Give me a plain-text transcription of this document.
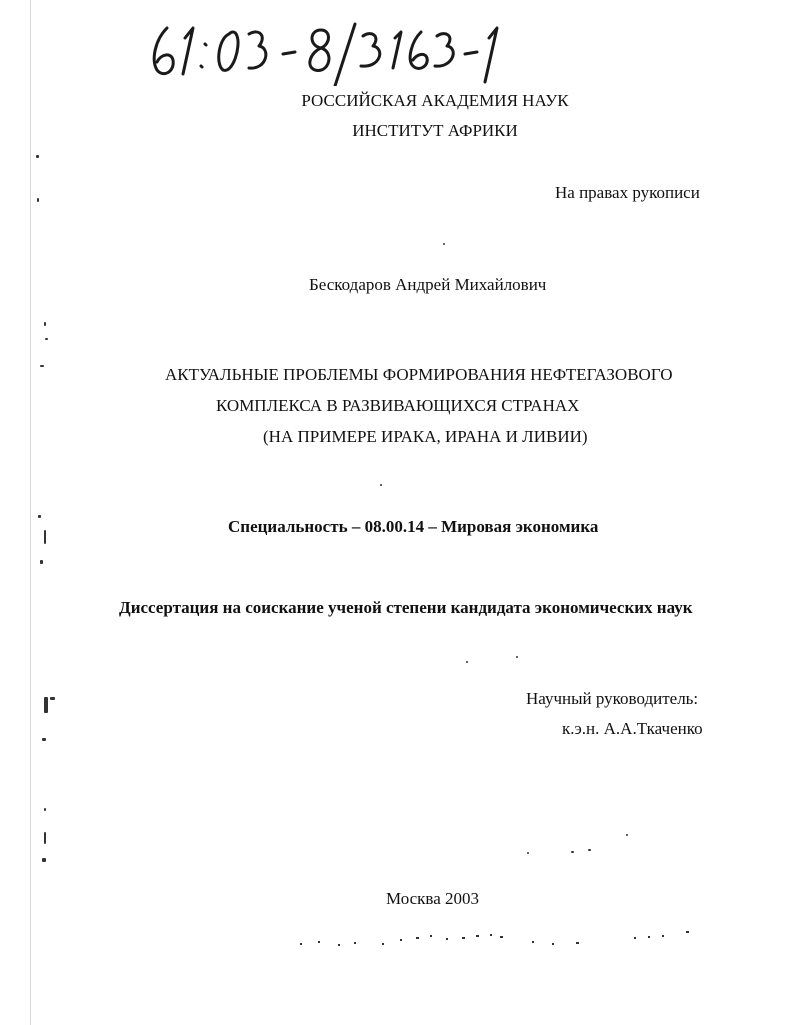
РОССИЙСКАЯ АКАДЕМИЯ НАУК
ИНСТИТУТ АФРИКИ
На правах рукописи
Бескодаров Андрей Михайлович
АКТУАЛЬНЫЕ ПРОБЛЕМЫ ФОРМИРОВАНИЯ НЕФТЕГАЗОВОГО
КОМПЛЕКСА В РАЗВИВАЮЩИХСЯ СТРАНАХ
(НА ПРИМЕРЕ ИРАКА, ИРАНА И ЛИВИИ)
Специальность – 08.00.14 – Мировая экономика
Диссертация на соискание ученой степени кандидата экономических наук
Научный руководитель:
к.э.н. А.А.Ткаченко
Москва 2003
